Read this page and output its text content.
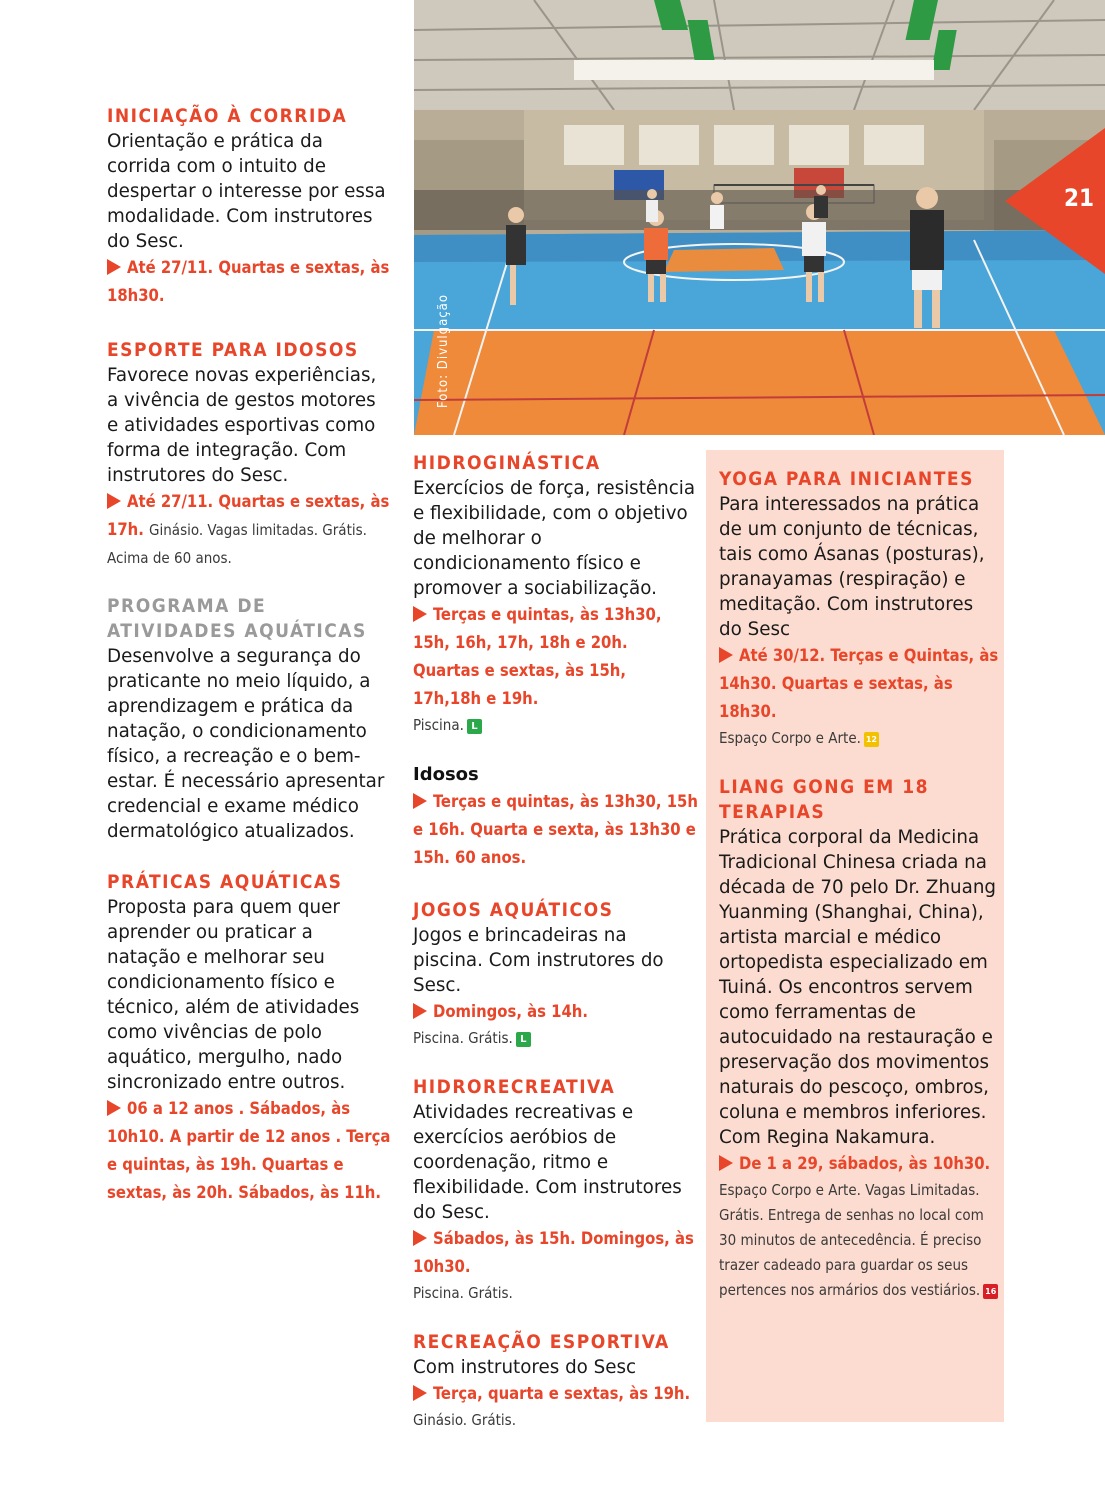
Foto: Divulgação
21

INICIAÇÃO À CORRIDA

Orientação e prática da corrida com o intuito de despertar o interesse por essa modalidade. Com instrutores do Sesc.

Até 27/11. Quartas e sextas, às 18h30.

ESPORTE PARA IDOSOS

Favorece novas experiências, a vivência de gestos motores e atividades esportivas como forma de integração. Com instrutores do Sesc.

Até 27/11. Quartas e sextas, às 17h. Ginásio. Vagas limitadas. Grátis. Acima de 60 anos.

PROGRAMA DE ATIVIDADES AQUÁTICAS

Desenvolve a segurança do praticante no meio líquido, a aprendizagem e prática da natação, o condicionamento físico, a recreação e o bem-estar. É necessário apresentar credencial e exame médico dermatológico atualizados.

PRÁTICAS AQUÁTICAS

Proposta para quem quer aprender ou praticar a natação e melhorar seu condicionamento físico e técnico, além de atividades como vivências de polo aquático, mergulho, nado sincronizado entre outros.

06 a 12 anos . Sábados, às 10h10. A partir de 12 anos . Terça e quintas, às 19h. Quartas e sextas, às 20h. Sábados, às 11h.

HIDROGINÁSTICA

Exercícios de força, resistência e flexibilidade, com o objetivo de melhorar o condicionamento físico e promover a sociabilização.

Terças e quintas, às 13h30, 15h, 16h, 17h, 18h e 20h. Quartas e sextas, às 15h, 17h,18h e 19h.

Piscina. L

Idosos

Terças e quintas, às 13h30, 15h e 16h. Quarta e sexta, às 13h30 e 15h. 60 anos.

JOGOS AQUÁTICOS

Jogos e brincadeiras na piscina. Com instrutores do Sesc.

Domingos, às 14h.

Piscina. Grátis. L

HIDRORECREATIVA

Atividades recreativas e exercícios aeróbios de coordenação, ritmo e flexibilidade. Com instrutores do Sesc.

Sábados, às 15h. Domingos, às 10h30.

Piscina. Grátis.

RECREAÇÃO ESPORTIVA

Com instrutores do Sesc

Terça, quarta e sextas, às 19h.

Ginásio. Grátis.

YOGA PARA INICIANTES

Para interessados na prática de um conjunto de técnicas, tais como Ásanas (posturas), pranayamas (respiração) e meditação. Com instrutores do Sesc

Até 30/12. Terças e Quintas, às 14h30. Quartas e sextas, às 18h30.

Espaço Corpo e Arte. 12

LIANG GONG EM 18 TERAPIAS

Prática corporal da Medicina Tradicional Chinesa criada na década de 70 pelo Dr. Zhuang Yuanming (Shanghai, China), artista marcial e médico ortopedista especializado em Tuiná. Os encontros servem como ferramentas de autocuidado na restauração e preservação dos movimentos naturais do pescoço, ombros, coluna e membros inferiores. Com Regina Nakamura.

De 1 a 29, sábados, às 10h30.

Espaço Corpo e Arte. Vagas Limitadas. Grátis. Entrega de senhas no local com 30 minutos de antecedência. É preciso trazer cadeado para guardar os seus pertences nos armários dos vestiários. 16
